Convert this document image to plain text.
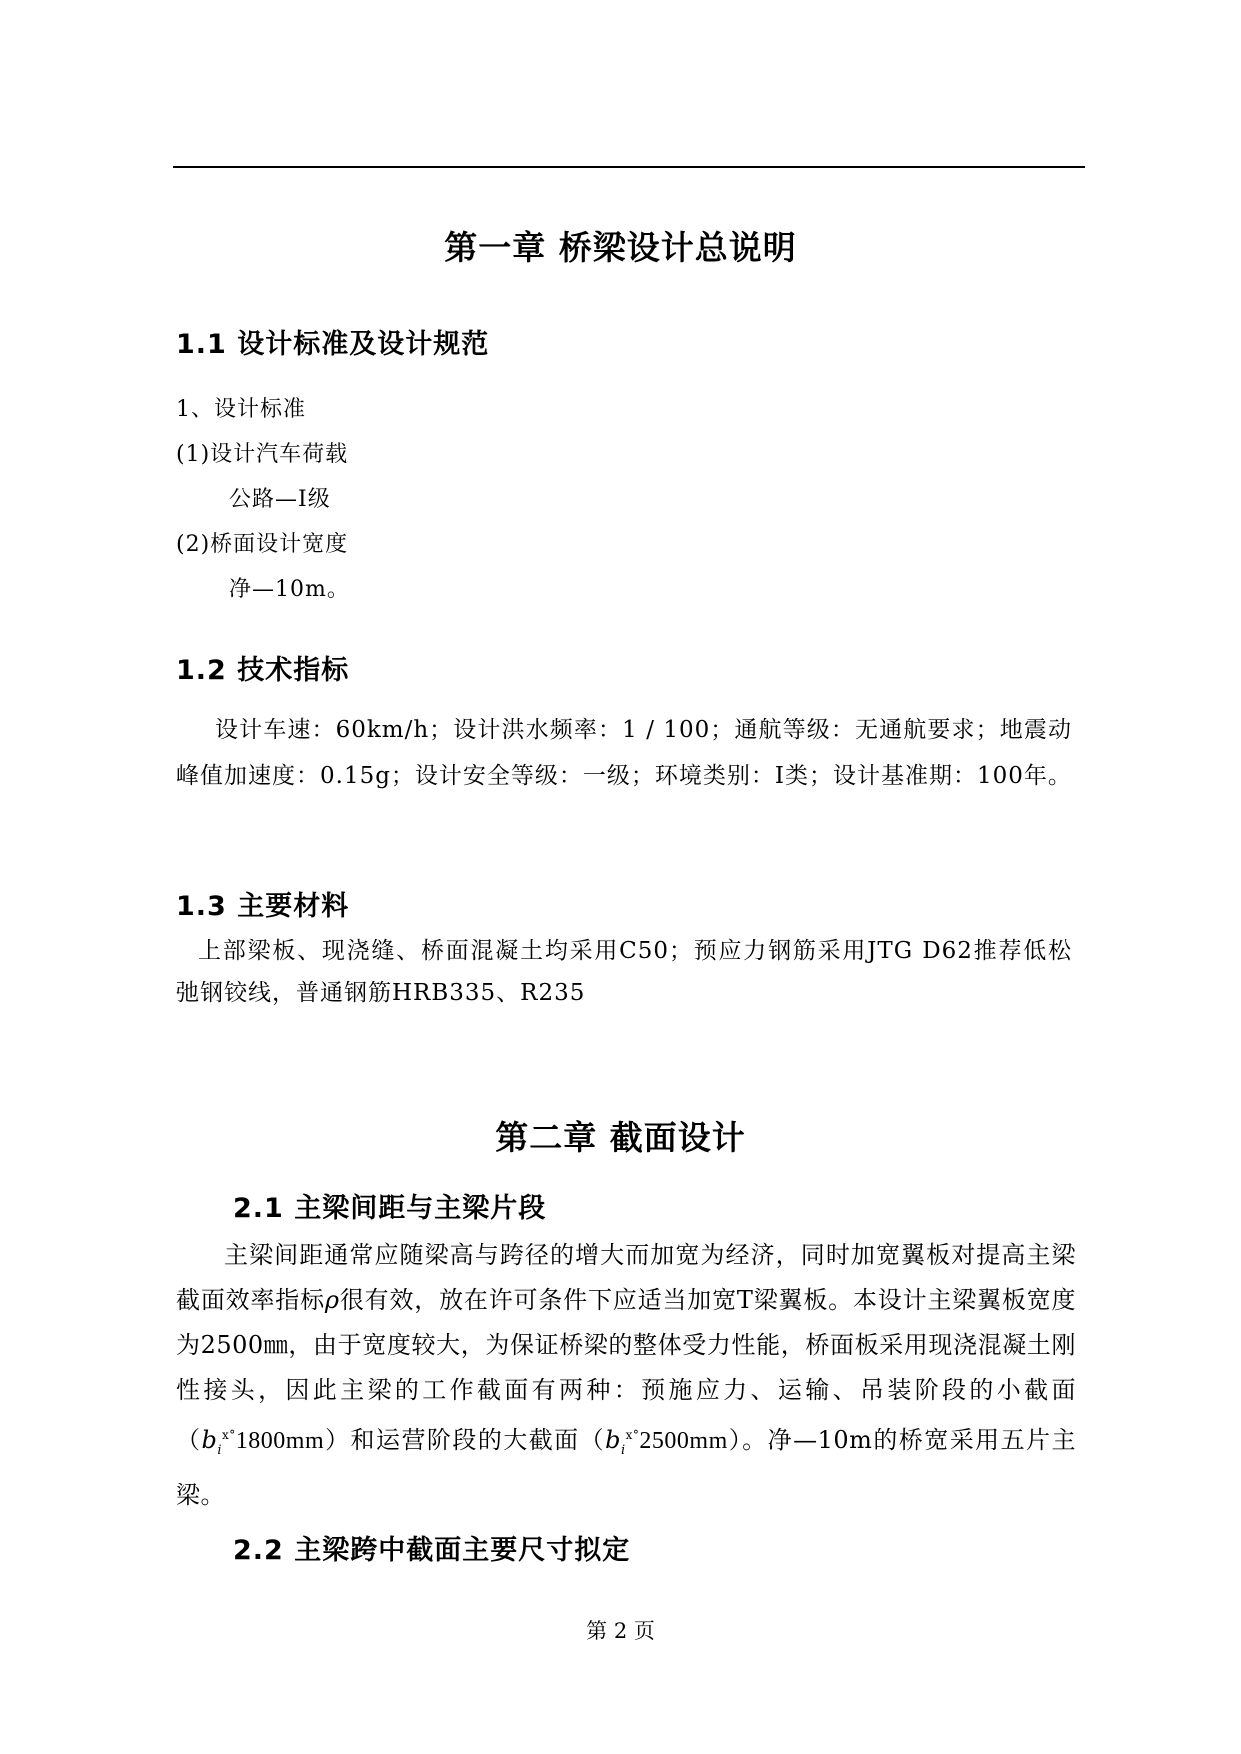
第一章 桥梁设计总说明
1.1 设计标准及设计规范
1、设计标准
(1)设计汽车荷载
公路—Ⅰ级
(2)桥面设计宽度
净—10m。
1.2 技术指标
设计车速：60km/h；设计洪水频率：1 / 100；通航等级：无通航要求；地震动峰值加速度：0.15g；设计安全等级：一级；环境类别：Ⅰ类；设计基准期：100年。
1.3 主要材料
上部梁板、现浇缝、桥面混凝土均采用C50；预应力钢筋采用JTG D62推荐低松弛钢铰线，普通钢筋HRB335、R235
第二章 截面设计
2.1 主梁间距与主梁片段
主梁间距通常应随梁高与跨径的增大而加宽为经济，同时加宽翼板对提高主梁截面效率指标ρ很有效，放在许可条件下应适当加宽T梁翼板。本设计主梁翼板宽度为2500㎜，由于宽度较大，为保证桥梁的整体受力性能，桥面板采用现浇混凝土刚性接头，因此主梁的工作截面有两种：预施应力、运输、吊装阶段的小截面$(b_i^{x^\circ}1800mm)$和运营阶段的大截面$(b_i^{x^\circ}2500mm)$。净—10m的桥宽采用五片主梁。
2.2 主梁跨中截面主要尺寸拟定
第 2 页
